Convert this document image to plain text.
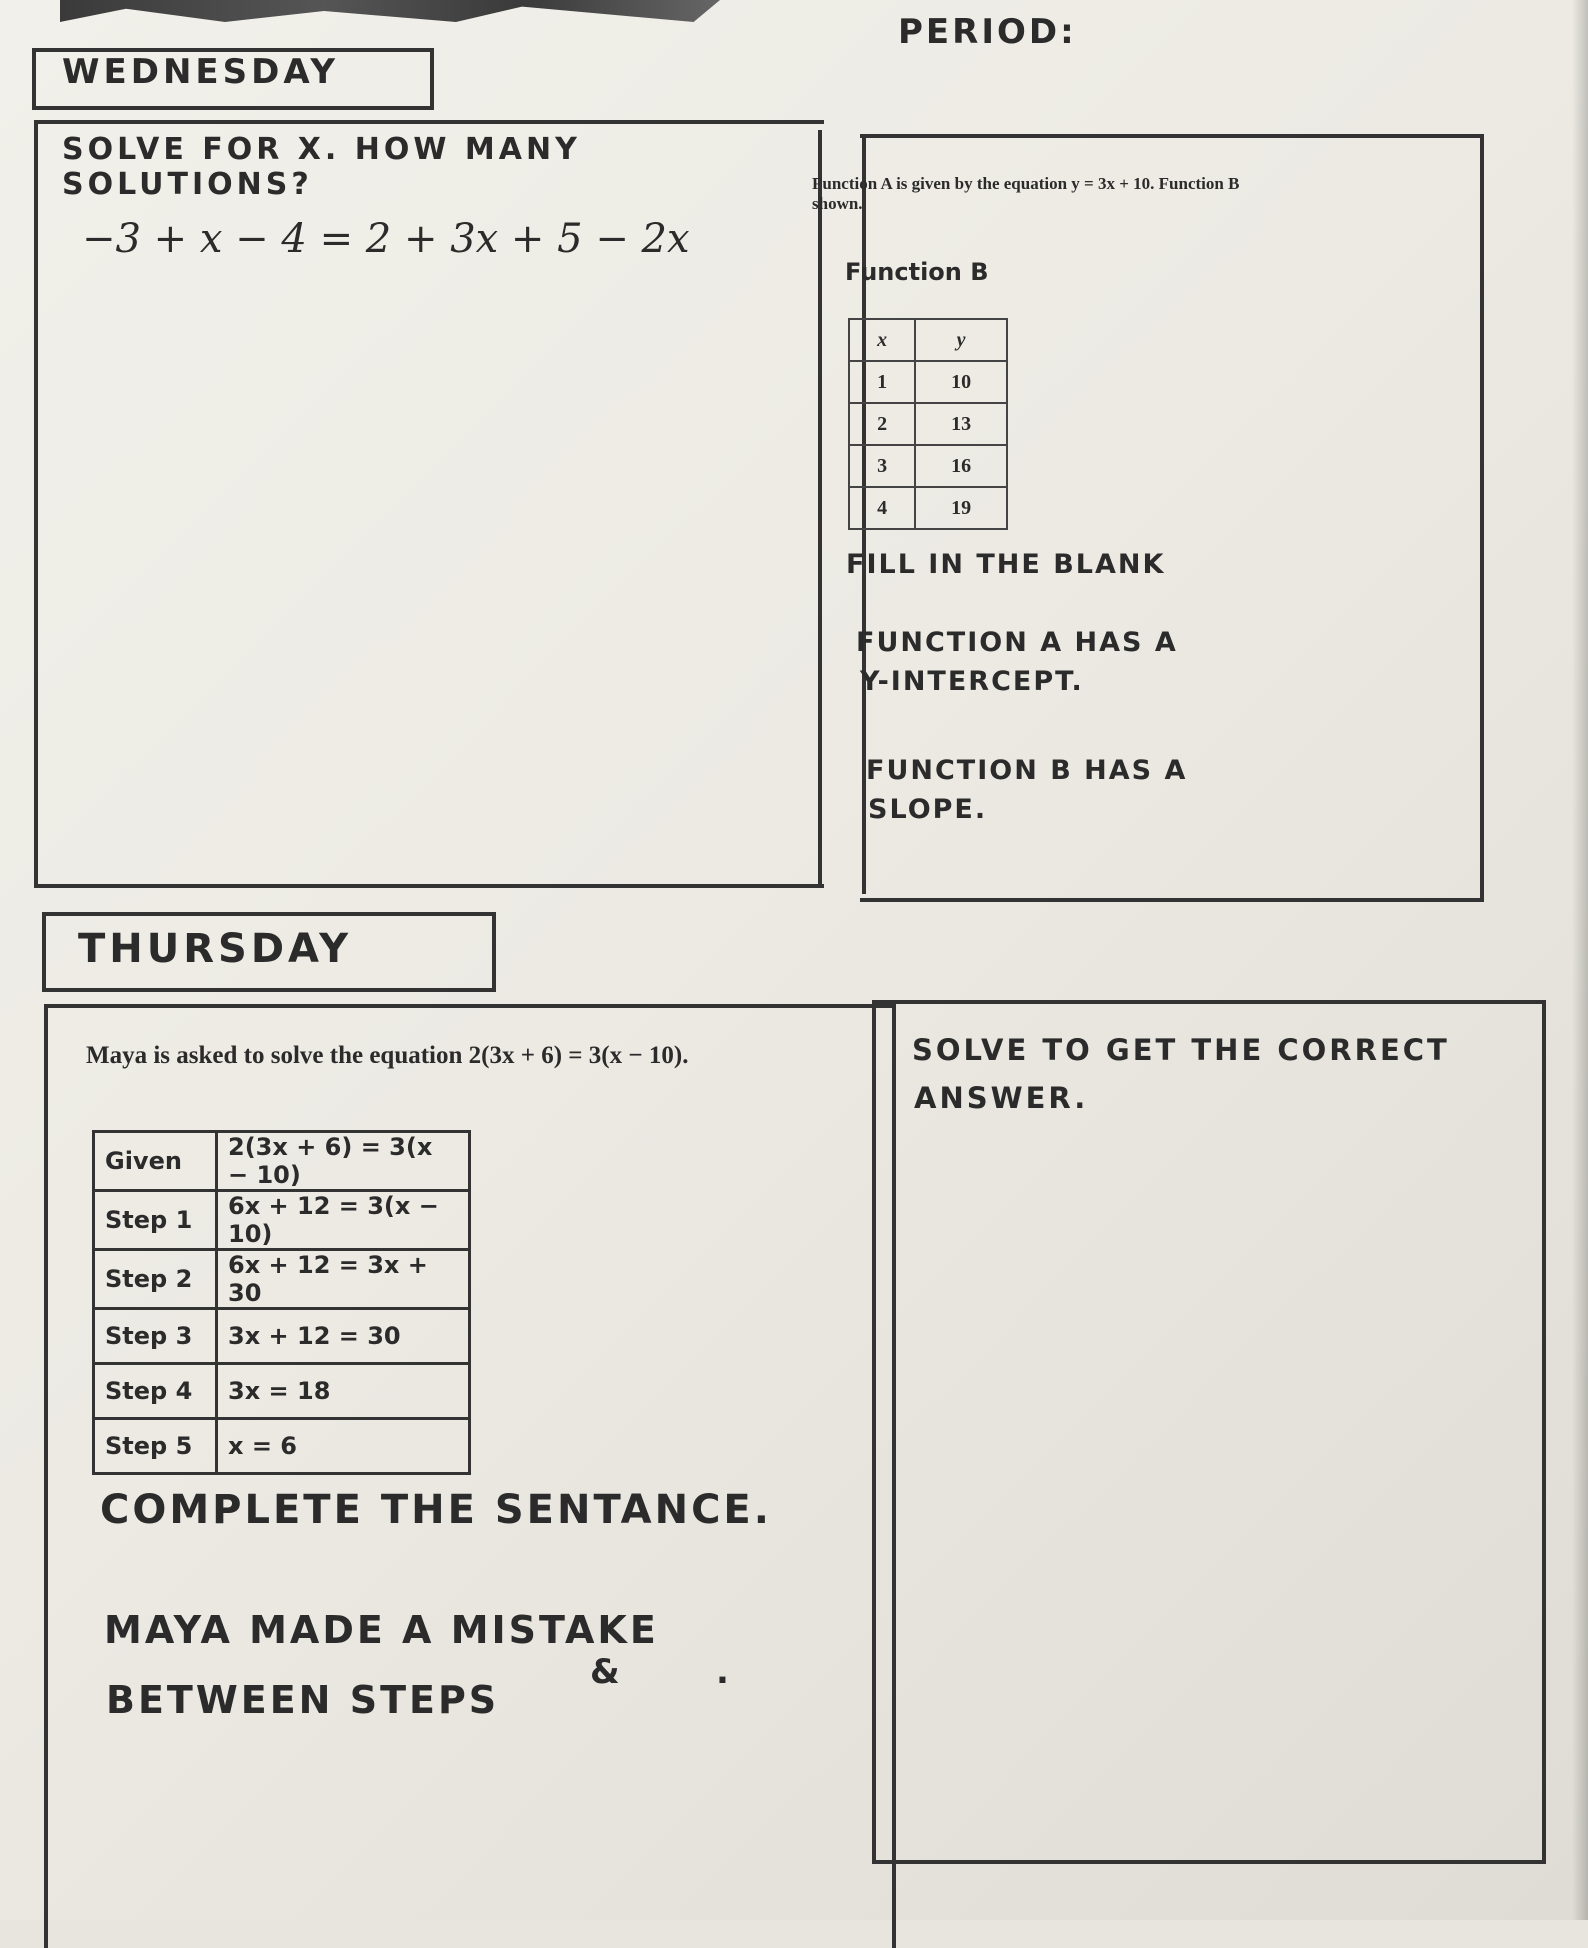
PERIOD:
WEDNESDAY
SOLVE FOR X. HOW MANY
SOLUTIONS?
−3 + x − 4 = 2 + 3x + 5 − 2x
Function A is given by the equation y = 3x + 10. Function B
shown.
Function B
x	y
1	10
2	13
3	16
4	19
FILL IN THE BLANK
FUNCTION A HAS A
Y-INTERCEPT.
FUNCTION B HAS A
SLOPE.
THURSDAY
Maya is asked to solve the equation 2(3x + 6) = 3(x − 10).
Given	2(3x + 6) = 3(x − 10)
Step 1	6x + 12 = 3(x − 10)
Step 2	6x + 12 = 3x + 30
Step 3	3x + 12 = 30
Step 4	3x = 18
Step 5	x = 6
COMPLETE THE SENTANCE.
MAYA MADE A MISTAKE
BETWEEN STEPS
&	.
SOLVE TO GET THE CORRECT
ANSWER.
